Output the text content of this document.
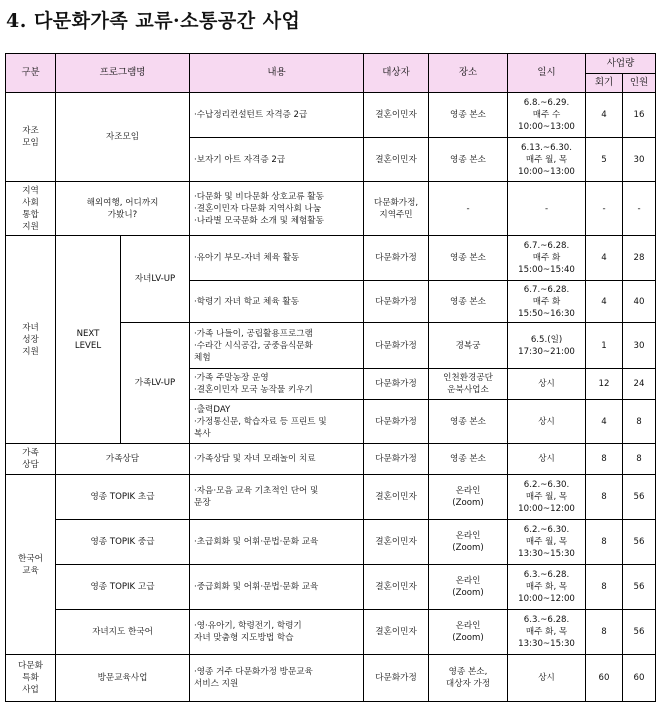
4. 다문화가족 교류·소통공간 사업
구분	프로그램명		내용	대상자	장소	일시	사업량	
							회기	인원
자조
모임	자조모임		·수납정리컨설턴트 자격증 2급	결혼이민자	영종 본소	6.8.~6.29.
매주 수
10:00~13:00	4	16
			·보자기 아트 자격증 2급	결혼이민자	영종 본소	6.13.~6.30.
매주 월, 목
10:00~13:00	5	30
지역
사회
통합
지원	해외여행, 어디까지
가봤니?		·다문화 및 비다문화 상호교류 활동
·결혼이민자 다문화 지역사회 나눔
·나라별 모국문화 소개 및 체험활동	다문화가정,
지역주민	-	-	-	-
자녀
성장
지원	NEXT
LEVEL	자녀LV-UP	·유아기 부모-자녀 체육 활동	다문화가정	영종 본소	6.7.~6.28.
매주 화
15:00~15:40	4	28
			·학령기 자녀 학교 체육 활동	다문화가정	영종 본소	6.7.~6.28.
매주 화
15:50~16:30	4	40
		가족LV-UP	·가족 나들이, 공립활용프로그램
·수라간 시식공감, 궁중음식문화
체험	다문화가정	경복궁	6.5.(일)
17:30~21:00	1	30
			·가족 주말농장 운영
·결혼이민자 모국 농작물 키우기	다문화가정	인천환경공단
운북사업소	상시	12	24
			·출력DAY
·가정통신문, 학습자료 등 프린트 및
복사	다문화가정	영종 본소	상시	4	8
가족
상담	가족상담		·가족상담 및 자녀 모래놀이 치료	다문화가정	영종 본소	상시	8	8
한국어
교육	영종 TOPIK 초급		·자음·모음 교육 기초적인 단어 및
문장	결혼이민자	온라인
(Zoom)	6.2.~6.30.
매주 월, 목
10:00~12:00	8	56
	영종 TOPIK 중급		·초급회화 및 어휘·문법·문화 교육	결혼이민자	온라인
(Zoom)	6.2.~6.30.
매주 월, 목
13:30~15:30	8	56
	영종 TOPIK 고급		·중급회화 및 어휘·문법·문화 교육	결혼이민자	온라인
(Zoom)	6.3.~6.28.
매주 화, 목
10:00~12:00	8	56
	자녀지도 한국어		·영·유아기, 학령전기, 학령기
자녀 맞춤형 지도방법 학습	결혼이민자	온라인
(Zoom)	6.3.~6.28.
매주 화, 목
13:30~15:30	8	56
다문화
특화
사업	방문교육사업		·영종 거주 다문화가정 방문교육
서비스 지원	다문화가정	영종 본소,
대상자 가정	상시	60	60
